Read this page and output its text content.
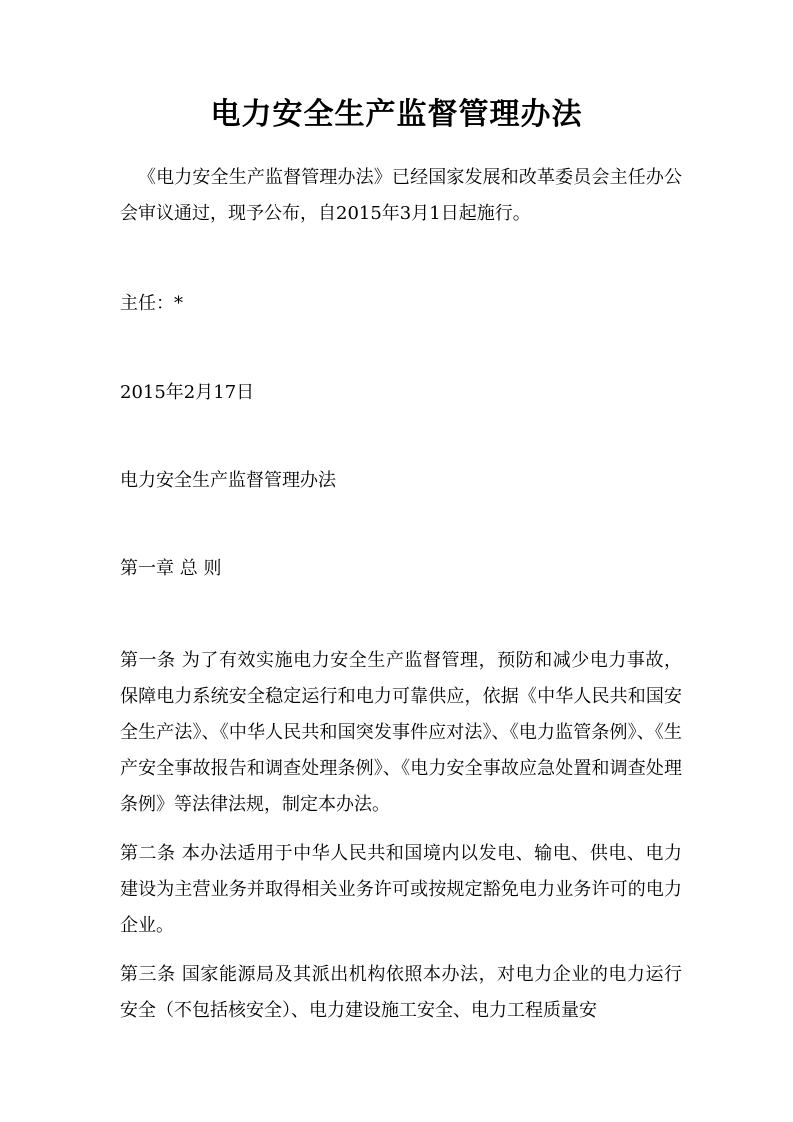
电力安全生产监督管理办法

《电力安全生产监督管理办法》已经国家发展和改革委员会主任办公会审议通过，现予公布，自2015年3月1日起施行。

主任：*

2015年2月17日

电力安全生产监督管理办法

第一章 总 则

第一条 为了有效实施电力安全生产监督管理，预防和减少电力事故，保障电力系统安全稳定运行和电力可靠供应，依据《中华人民共和国安全生产法》、《中华人民共和国突发事件应对法》、《电力监管条例》、《生产安全事故报告和调查处理条例》、《电力安全事故应急处置和调查处理条例》等法律法规，制定本办法。

第二条 本办法适用于中华人民共和国境内以发电、输电、供电、电力建设为主营业务并取得相关业务许可或按规定豁免电力业务许可的电力企业。

第三条 国家能源局及其派出机构依照本办法，对电力企业的电力运行安全（不包括核安全）、电力建设施工安全、电力工程质量安
